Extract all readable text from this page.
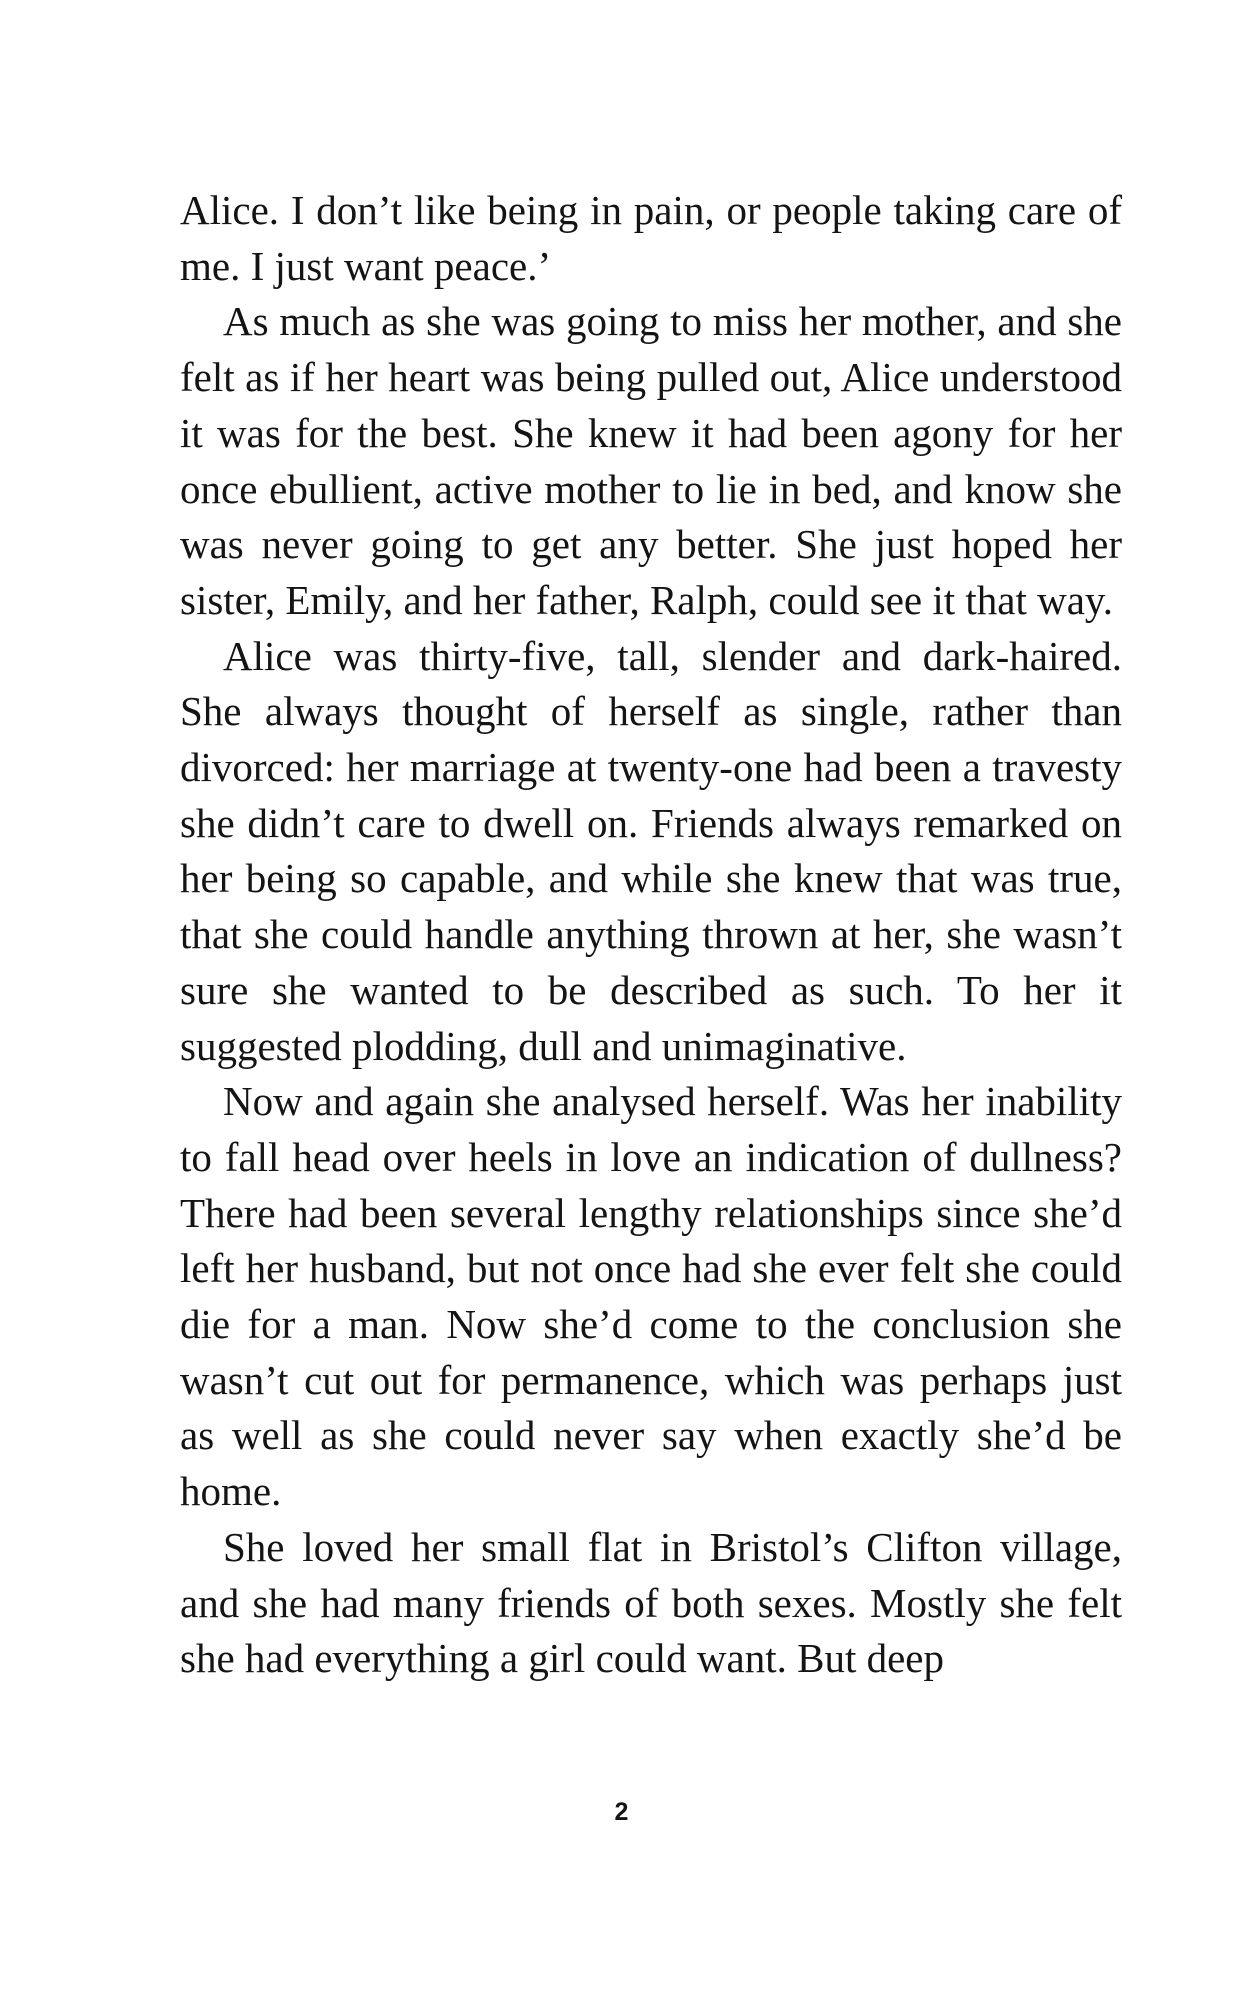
Alice. I don’t like being in pain, or people taking care of me. I just want peace.’

As much as she was going to miss her mother, and she felt as if her heart was being pulled out, Alice understood it was for the best. She knew it had been agony for her once ebullient, active mother to lie in bed, and know she was never going to get any better. She just hoped her sister, Emily, and her father, Ralph, could see it that way.

Alice was thirty-five, tall, slender and dark-haired. She always thought of herself as single, rather than divorced: her marriage at twenty-one had been a travesty she didn’t care to dwell on. Friends always remarked on her being so capable, and while she knew that was true, that she could handle anything thrown at her, she wasn’t sure she wanted to be described as such. To her it suggested plodding, dull and unimaginative.

Now and again she analysed herself. Was her inability to fall head over heels in love an indication of dullness? There had been several lengthy relationships since she’d left her husband, but not once had she ever felt she could die for a man. Now she’d come to the conclusion she wasn’t cut out for permanence, which was perhaps just as well as she could never say when exactly she’d be home.

She loved her small flat in Bristol’s Clifton village, and she had many friends of both sexes. Mostly she felt she had everything a girl could want. But deep

2
